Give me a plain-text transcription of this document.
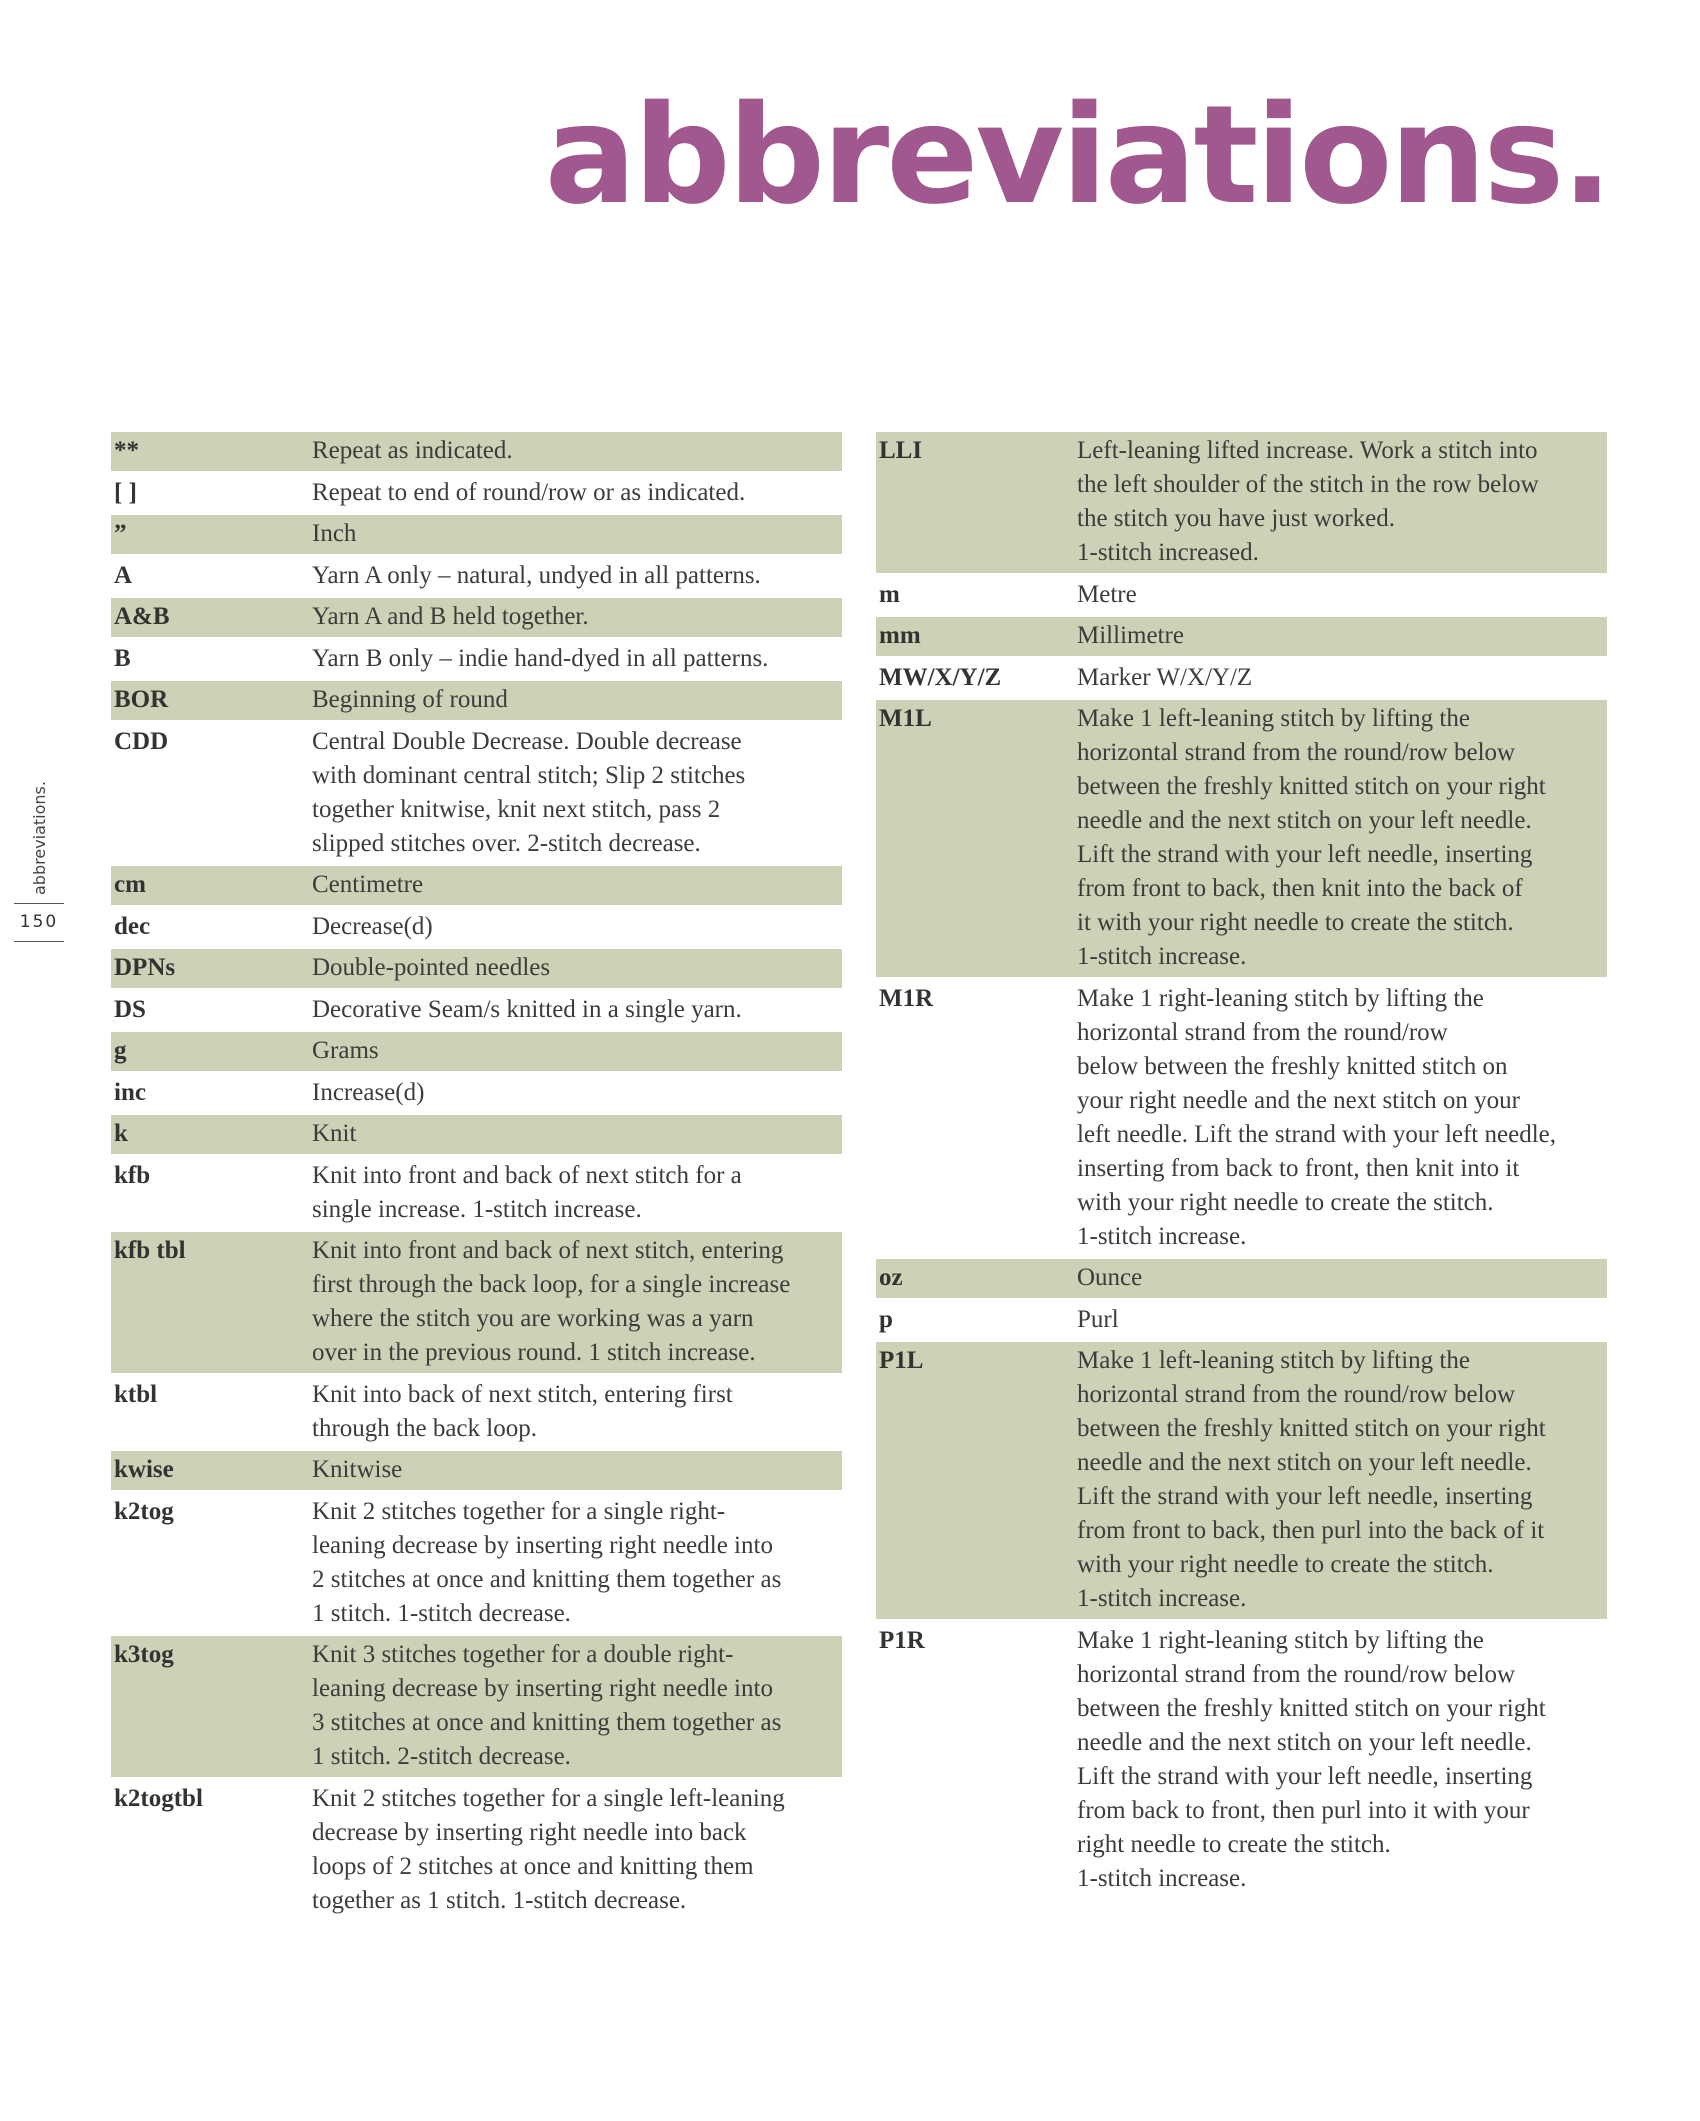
abbreviations.
abbreviations.
150
**	Repeat as indicated.
[ ]	Repeat to end of round/row or as indicated.
”	Inch
A	Yarn A only – natural, undyed in all patterns.
A&B	Yarn A and B held together.
B	Yarn B only – indie hand-dyed in all patterns.
BOR	Beginning of round
CDD	Central Double Decrease. Double decrease
with dominant central stitch; Slip 2 stitches
together knitwise, knit next stitch, pass 2
slipped stitches over. 2-stitch decrease.
cm	Centimetre
dec	Decrease(d)
DPNs	Double-pointed needles
DS	Decorative Seam/s knitted in a single yarn.
g	Grams
inc	Increase(d)
k	Knit
kfb	Knit into front and back of next stitch for a
single increase. 1-stitch increase.
kfb tbl	Knit into front and back of next stitch, entering
first through the back loop, for a single increase
where the stitch you are working was a yarn
over in the previous round. 1 stitch increase.
ktbl	Knit into back of next stitch, entering first
through the back loop.
kwise	Knitwise
k2tog	Knit 2 stitches together for a single right-
leaning decrease by inserting right needle into
2 stitches at once and knitting them together as
1 stitch. 1-stitch decrease.
k3tog	Knit 3 stitches together for a double right-
leaning decrease by inserting right needle into
3 stitches at once and knitting them together as
1 stitch. 2-stitch decrease.
k2togtbl	Knit 2 stitches together for a single left-leaning
decrease by inserting right needle into back
loops of 2 stitches at once and knitting them
together as 1 stitch. 1-stitch decrease.
LLI	Left-leaning lifted increase. Work a stitch into
the left shoulder of the stitch in the row below
the stitch you have just worked.
1-stitch increased.
m	Metre
mm	Millimetre
MW/X/Y/Z	Marker W/X/Y/Z
M1L	Make 1 left-leaning stitch by lifting the
horizontal strand from the round/row below
between the freshly knitted stitch on your right
needle and the next stitch on your left needle.
Lift the strand with your left needle, inserting
from front to back, then knit into the back of
it with your right needle to create the stitch.
1-stitch increase.
M1R	Make 1 right-leaning stitch by lifting the
horizontal strand from the round/row
below between the freshly knitted stitch on
your right needle and the next stitch on your
left needle. Lift the strand with your left needle,
inserting from back to front, then knit into it
with your right needle to create the stitch.
1-stitch increase.
oz	Ounce
p	Purl
P1L	Make 1 left-leaning stitch by lifting the
horizontal strand from the round/row below
between the freshly knitted stitch on your right
needle and the next stitch on your left needle.
Lift the strand with your left needle, inserting
from front to back, then purl into the back of it
with your right needle to create the stitch.
1-stitch increase.
P1R	Make 1 right-leaning stitch by lifting the
horizontal strand from the round/row below
between the freshly knitted stitch on your right
needle and the next stitch on your left needle.
Lift the strand with your left needle, inserting
from back to front, then purl into it with your
right needle to create the stitch.
1-stitch increase.
